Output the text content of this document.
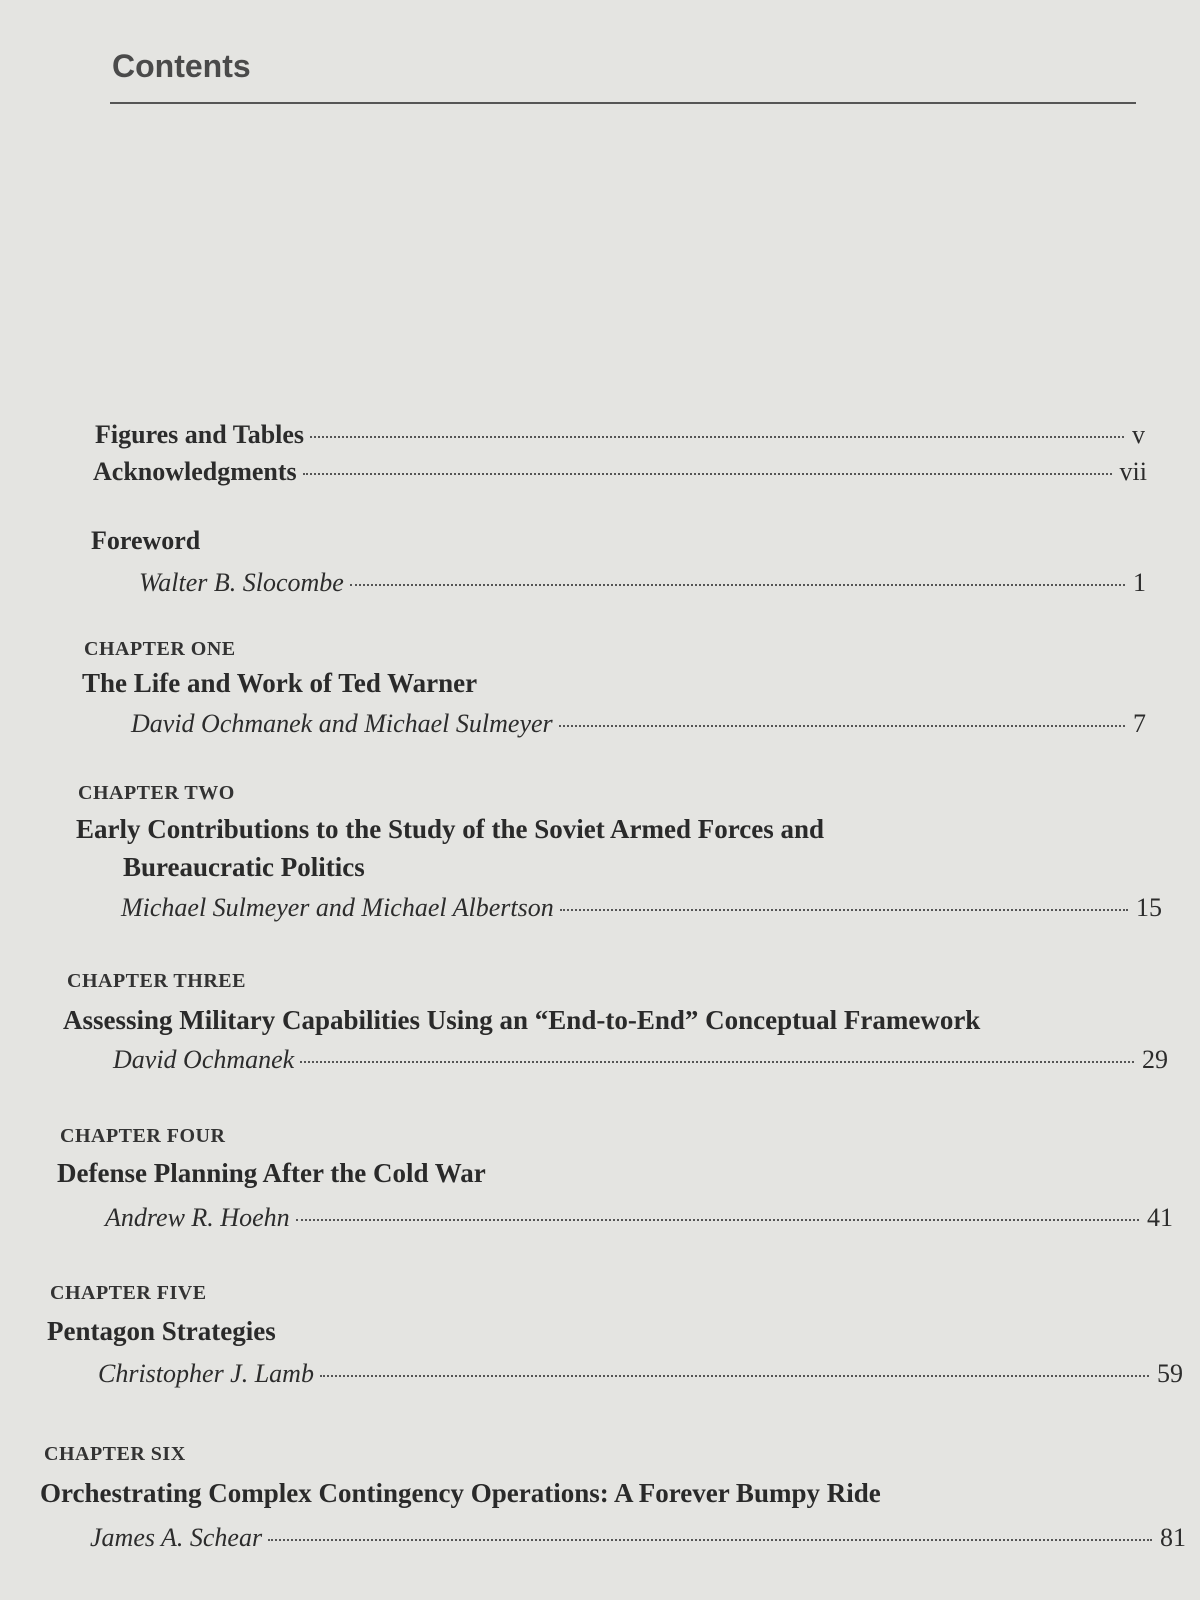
Contents
Figures and Tables	v
Acknowledgments	vii
Foreword
Walter B. Slocombe	1
CHAPTER ONE
The Life and Work of Ted Warner
David Ochmanek and Michael Sulmeyer	7
CHAPTER TWO
Early Contributions to the Study of the Soviet Armed Forces and
Bureaucratic Politics
Michael Sulmeyer and Michael Albertson	15
CHAPTER THREE
Assessing Military Capabilities Using an “End-to-End” Conceptual Framework
David Ochmanek	29
CHAPTER FOUR
Defense Planning After the Cold War
Andrew R. Hoehn	41
CHAPTER FIVE
Pentagon Strategies
Christopher J. Lamb	59
CHAPTER SIX
Orchestrating Complex Contingency Operations: A Forever Bumpy Ride
James A. Schear	81
